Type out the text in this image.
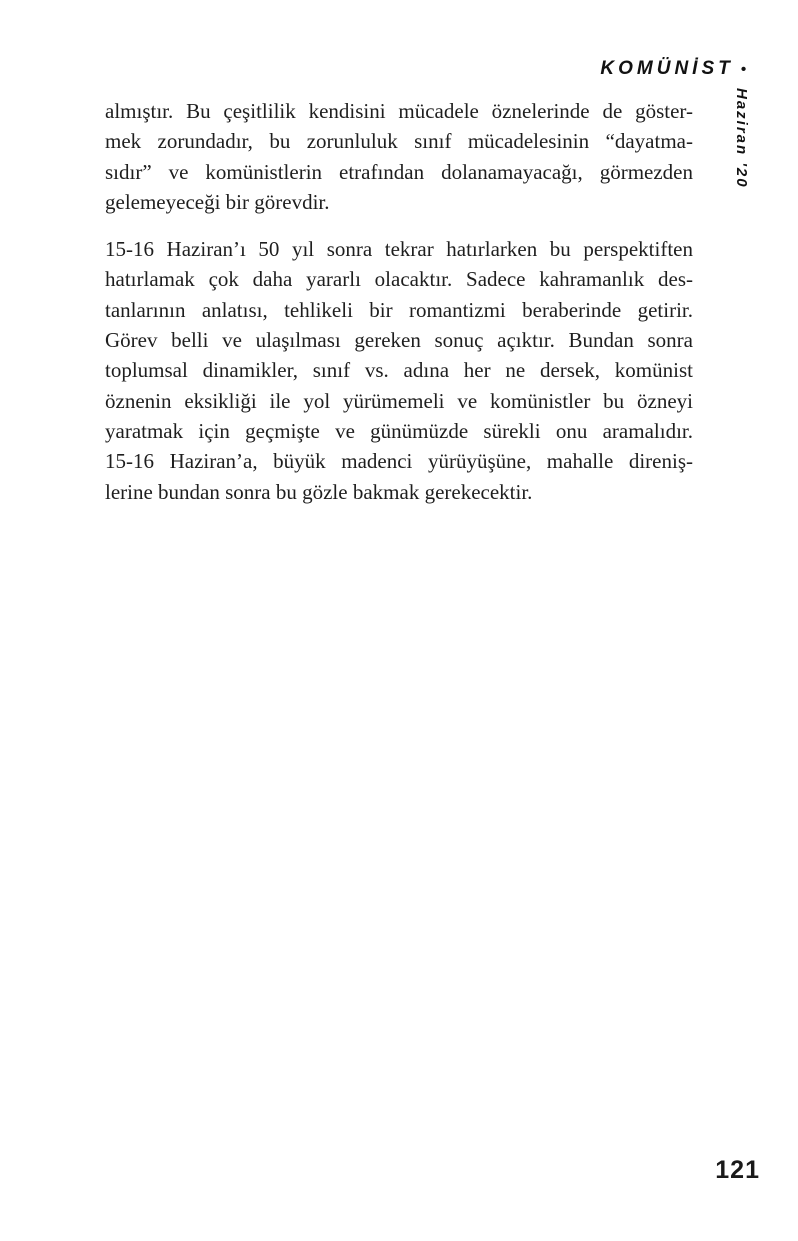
KOMÜNİST •
Haziran '20
almıştır. Bu çeşitlilik kendisini mücadele öznelerinde de göster-
mek zorundadır, bu zorunluluk sınıf mücadelesinin “dayatma-
sıdır” ve komünistlerin etrafından dolanamayacağı, görmezden
gelemeyeceği bir görevdir.
15-16 Haziran’ı 50 yıl sonra tekrar hatırlarken bu perspektiften
hatırlamak çok daha yararlı olacaktır. Sadece kahramanlık des-
tanlarının anlatısı, tehlikeli bir romantizmi beraberinde getirir.
Görev belli ve ulaşılması gereken sonuç açıktır. Bundan sonra
toplumsal dinamikler, sınıf vs. adına her ne dersek, komünist
öznenin eksikliği ile yol yürümemeli ve komünistler bu özneyi
yaratmak için geçmişte ve günümüzde sürekli onu aramalıdır.
15-16 Haziran’a, büyük madenci yürüyüşüne, mahalle direniş-
lerine bundan sonra bu gözle bakmak gerekecektir.
121
